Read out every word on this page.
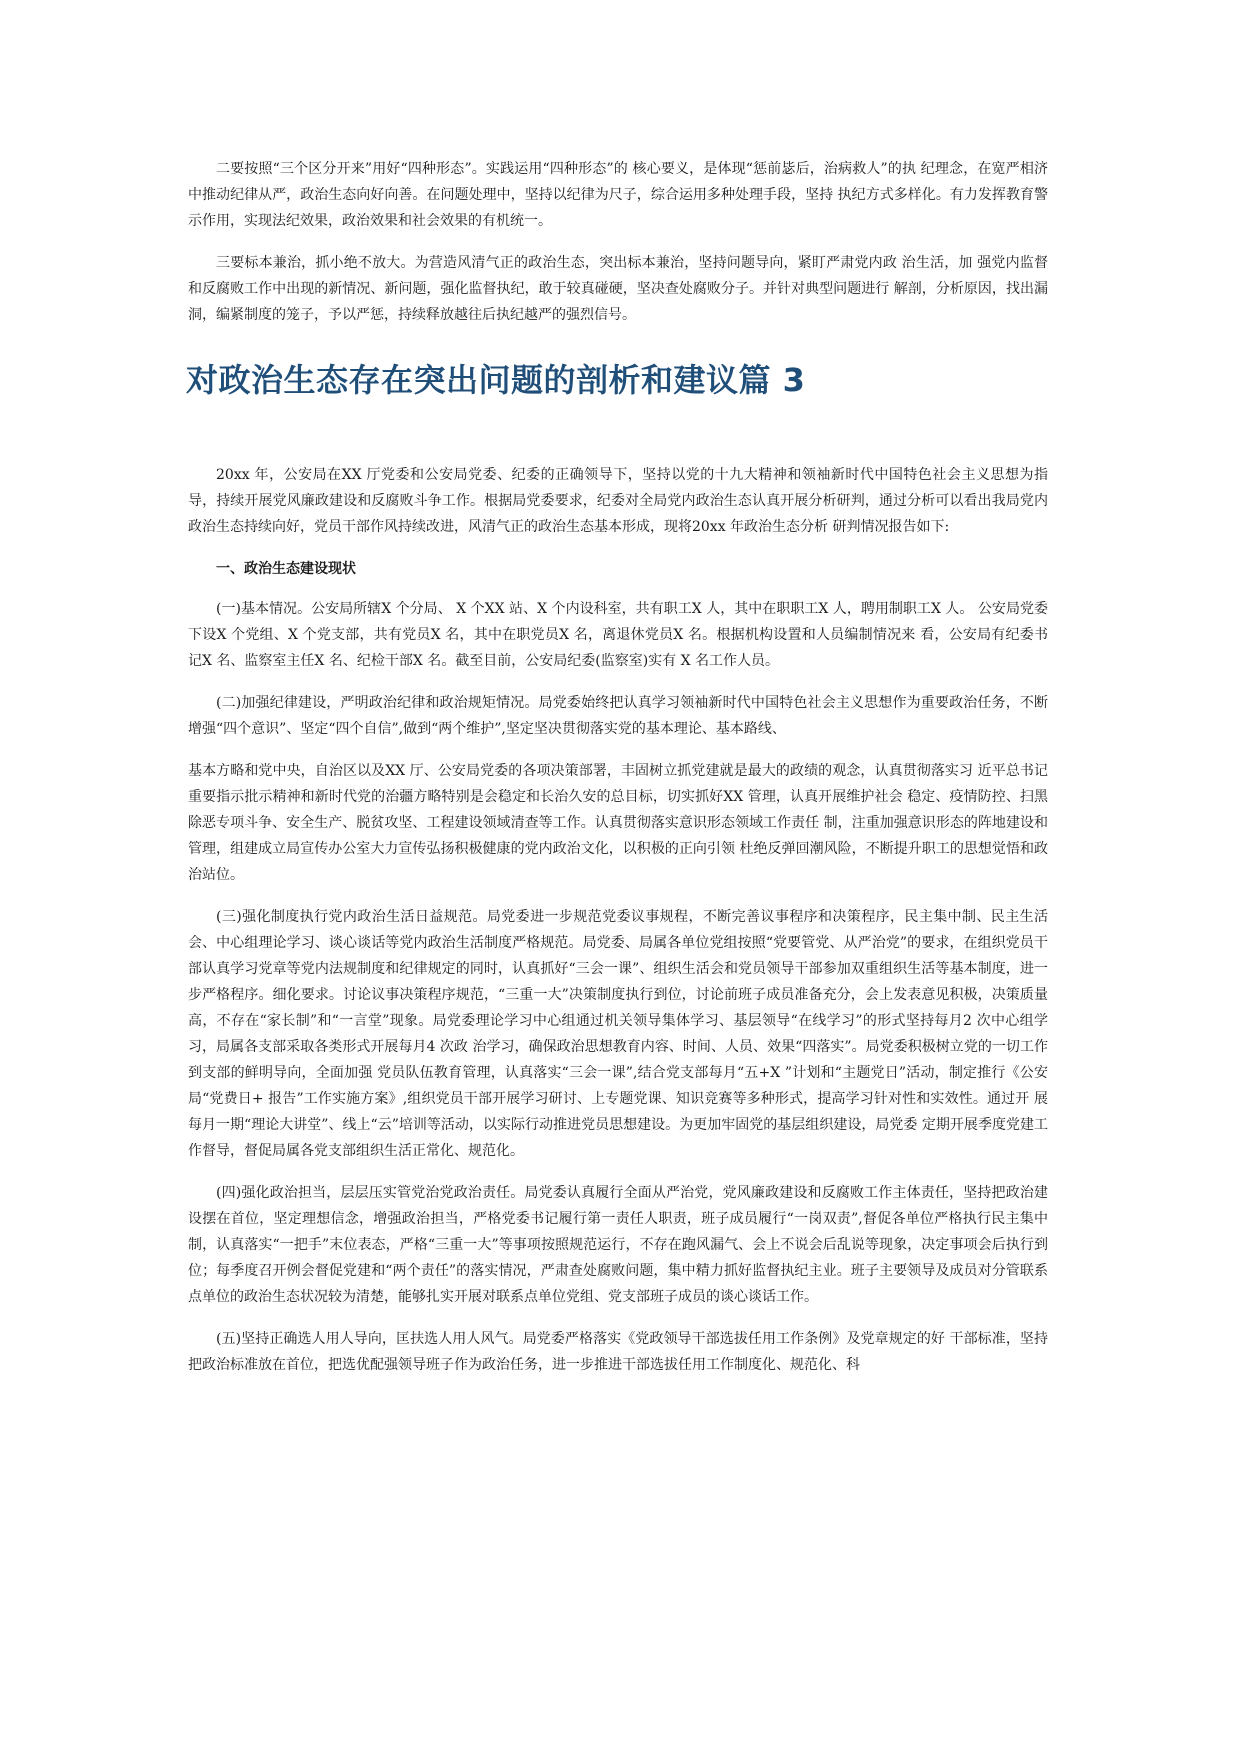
二要按照“三个区分开来”用好“四种形态”。实践运用“四种形态”的 核心要义，是体现“惩前毖后，治病救人”的执 纪理念，在宽严相济中推动纪律从严，政治生态向好向善。在问题处理中，坚持以纪律为尺子，综合运用多种处理手段，坚持 执纪方式多样化。有力发挥教育警示作用，实现法纪效果，政治效果和社会效果的有机统一。

三要标本兼治，抓小绝不放大。为营造风清气正的政治生态，突出标本兼治，坚持问题导向，紧盯严肃党内政 治生活，加 强党内监督和反腐败工作中出现的新情况、新问题，强化监督执纪，敢于较真碰硬，坚决查处腐败分子。并针对典型问题进行 解剖，分析原因，找出漏洞，编紧制度的笼子，予以严惩，持续释放越往后执纪越严的强烈信号。

对政治生态存在突出问题的剖析和建议篇 3

20xx 年，公安局在XX 厅党委和公安局党委、纪委的正确领导下，坚持以党的十九大精神和领袖新时代中国特色社会主义思想为指导，持续开展党风廉政建设和反腐败斗争工作。根据局党委要求，纪委对全局党内政治生态认真开展分析研判，通过分析可以看出我局党内政治生态持续向好，党员干部作风持续改进，风清气正的政治生态基本形成，现将20xx 年政治生态分析 研判情况报告如下:

一、政治生态建设现状

(一)基本情况。公安局所辖X 个分局、 X 个XX 站、X 个内设科室，共有职工X 人，其中在职职工X 人，聘用制职工X 人。 公安局党委下设X 个党组、X 个党支部，共有党员X 名，其中在职党员X 名，离退休党员X 名。根据机构设置和人员编制情况来 看，公安局有纪委书记X 名、监察室主任X 名、纪检干部X 名。截至目前，公安局纪委(监察室)实有 X 名工作人员。

(二)加强纪律建设，严明政治纪律和政治规矩情况。局党委始终把认真学习领袖新时代中国特色社会主义思想作为重要政治任务，不断增强“四个意识”、坚定“四个自信”,做到“两个维护”,坚定坚决贯彻落实党的基本理论、基本路线、

基本方略和党中央，自治区以及XX 厅、公安局党委的各项决策部署，丰固树立抓党建就是最大的政绩的观念，认真贯彻落实习 近平总书记重要指示批示精神和新时代党的治疆方略特别是会稳定和长治久安的总目标，切实抓好XX 管理，认真开展维护社会 稳定、疫情防控、扫黑除恶专项斗争、安全生产、脱贫攻坚、工程建设领域清查等工作。认真贯彻落实意识形态领域工作责任 制，注重加强意识形态的阵地建设和管理，组建成立局宣传办公室大力宣传弘扬积极健康的党内政治文化，以积极的正向引领 杜绝反弹回潮风险，不断提升职工的思想觉悟和政治站位。

(三)强化制度执行党内政治生活日益规范。局党委进一步规范党委议事规程，不断完善议事程序和决策程序，民主集中制、民主生活会、中心组理论学习、谈心谈话等党内政治生活制度严格规范。局党委、局属各单位党组按照“党要管党、从严治党”的要求，在组织党员干部认真学习党章等党内法规制度和纪律规定的同时，认真抓好“三会一课”、组织生活会和党员领导干部参加双重组织生活等基本制度，进一步严格程序。细化要求。讨论议事决策程序规范，“三重一大”决策制度执行到位，讨论前班子成员准备充分，会上发表意见积极，决策质量高，不存在“家长制”和“一言堂”现象。局党委理论学习中心组通过机关领导集体学习、基层领导“在线学习”的形式坚持每月2 次中心组学习，局属各支部采取各类形式开展每月4 次政 治学习，确保政治思想教育内容、时间、人员、效果“四落实”。局党委积极树立党的一切工作到支部的鲜明导向，全面加强 党员队伍教育管理，认真落实“三会一课”,结合党支部每月“五+X ”计划和“主题党日”活动，制定推行《公安局“党费日+ 报告”工作实施方案》,组织党员干部开展学习研讨、上专题党课、知识竞赛等多种形式，提高学习针对性和实效性。通过开 展每月一期“理论大讲堂”、线上“云”培训等活动，以实际行动推进党员思想建设。为更加牢固党的基层组织建设，局党委 定期开展季度党建工作督导，督促局属各党支部组织生活正常化、规范化。

(四)强化政治担当，层层压实管党治党政治责任。局党委认真履行全面从严治党，党风廉政建设和反腐败工作主体责任，坚持把政治建设摆在首位，坚定理想信念，增强政治担当，严格党委书记履行第一责任人职责，班子成员履行“一岗双责”,督促各单位严格执行民主集中制，认真落实“一把手”末位表态，严格“三重一大”等事项按照规范运行，不存在跑风漏气、会上不说会后乱说等现象，决定事项会后执行到位；每季度召开例会督促党建和“两个责任”的落实情况，严肃查处腐败问题，集中精力抓好监督执纪主业。班子主要领导及成员对分管联系点单位的政治生态状况较为清楚，能够扎实开展对联系点单位党组、党支部班子成员的谈心谈话工作。

(五)坚持正确选人用人导向，匡扶选人用人风气。局党委严格落实《党政领导干部选拔任用工作条例》及党章规定的好 干部标准，坚持把政治标准放在首位，把选优配强领导班子作为政治任务，进一步推进干部选拔任用工作制度化、规范化、科
